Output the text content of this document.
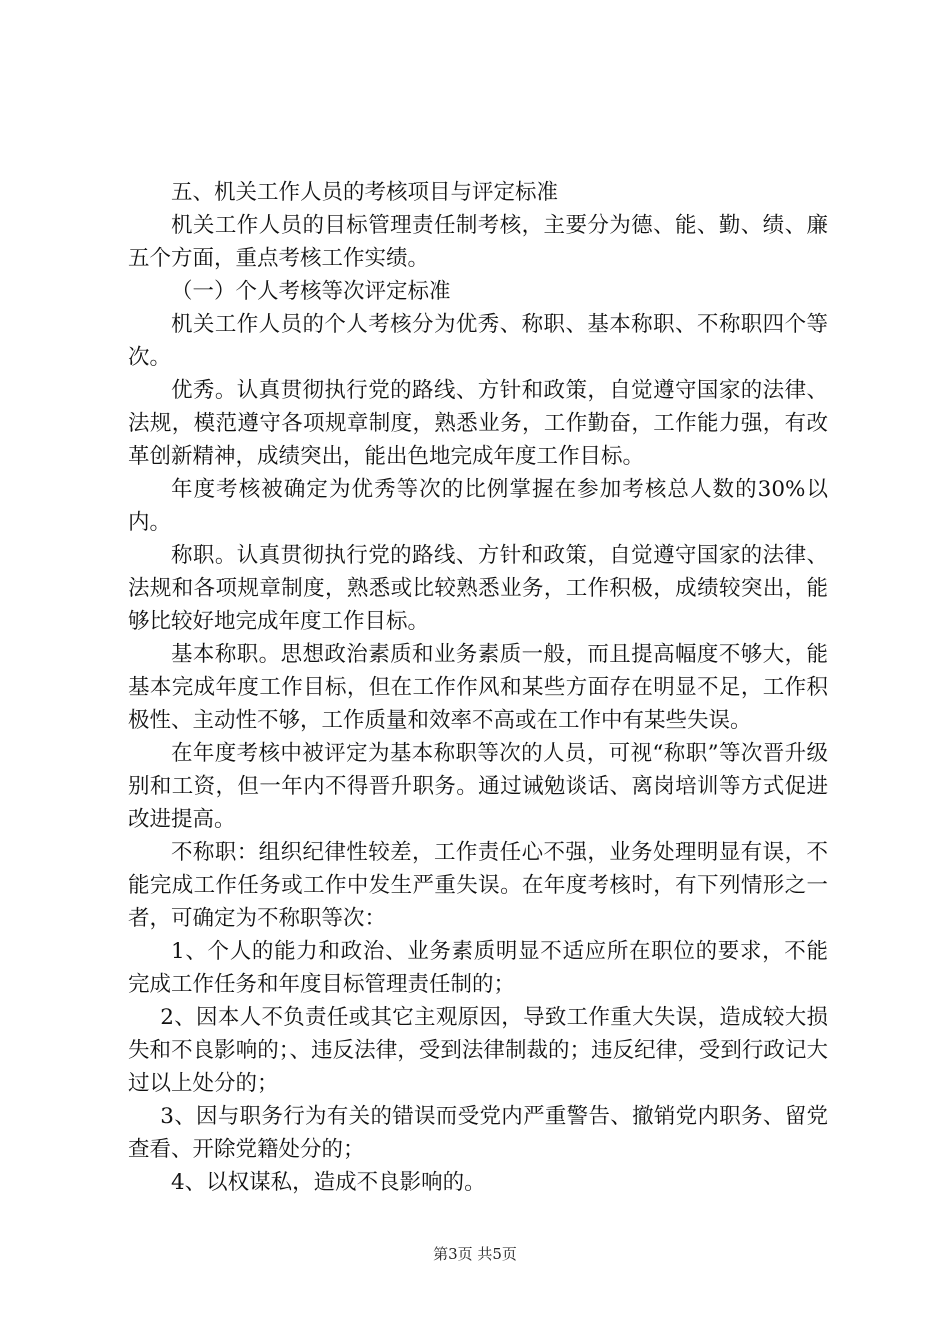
五、机关工作人员的考核项目与评定标准

机关工作人员的目标管理责任制考核，主要分为德、能、勤、绩、廉五个方面，重点考核工作实绩。

（一）个人考核等次评定标准

机关工作人员的个人考核分为优秀、称职、基本称职、不称职四个等次。

优秀。认真贯彻执行党的路线、方针和政策，自觉遵守国家的法律、法规，模范遵守各项规章制度，熟悉业务，工作勤奋，工作能力强，有改革创新精神，成绩突出，能出色地完成年度工作目标。

年度考核被确定为优秀等次的比例掌握在参加考核总人数的30%以内。

称职。认真贯彻执行党的路线、方针和政策，自觉遵守国家的法律、法规和各项规章制度，熟悉或比较熟悉业务，工作积极，成绩较突出，能够比较好地完成年度工作目标。

基本称职。思想政治素质和业务素质一般，而且提高幅度不够大，能基本完成年度工作目标，但在工作作风和某些方面存在明显不足，工作积极性、主动性不够，工作质量和效率不高或在工作中有某些失误。

在年度考核中被评定为基本称职等次的人员，可视“称职”等次晋升级别和工资，但一年内不得晋升职务。通过诫勉谈话、离岗培训等方式促进改进提高。

不称职：组织纪律性较差，工作责任心不强，业务处理明显有误，不能完成工作任务或工作中发生严重失误。在年度考核时，有下列情形之一者，可确定为不称职等次：

1、个人的能力和政治、业务素质明显不适应所在职位的要求，不能完成工作任务和年度目标管理责任制的；

2、因本人不负责任或其它主观原因，导致工作重大失误，造成较大损失和不良影响的；、违反法律，受到法律制裁的；违反纪律，受到行政记大过以上处分的；

3、因与职务行为有关的错误而受党内严重警告、撤销党内职务、留党查看、开除党籍处分的；

4、以权谋私，造成不良影响的。

第3页 共5页
